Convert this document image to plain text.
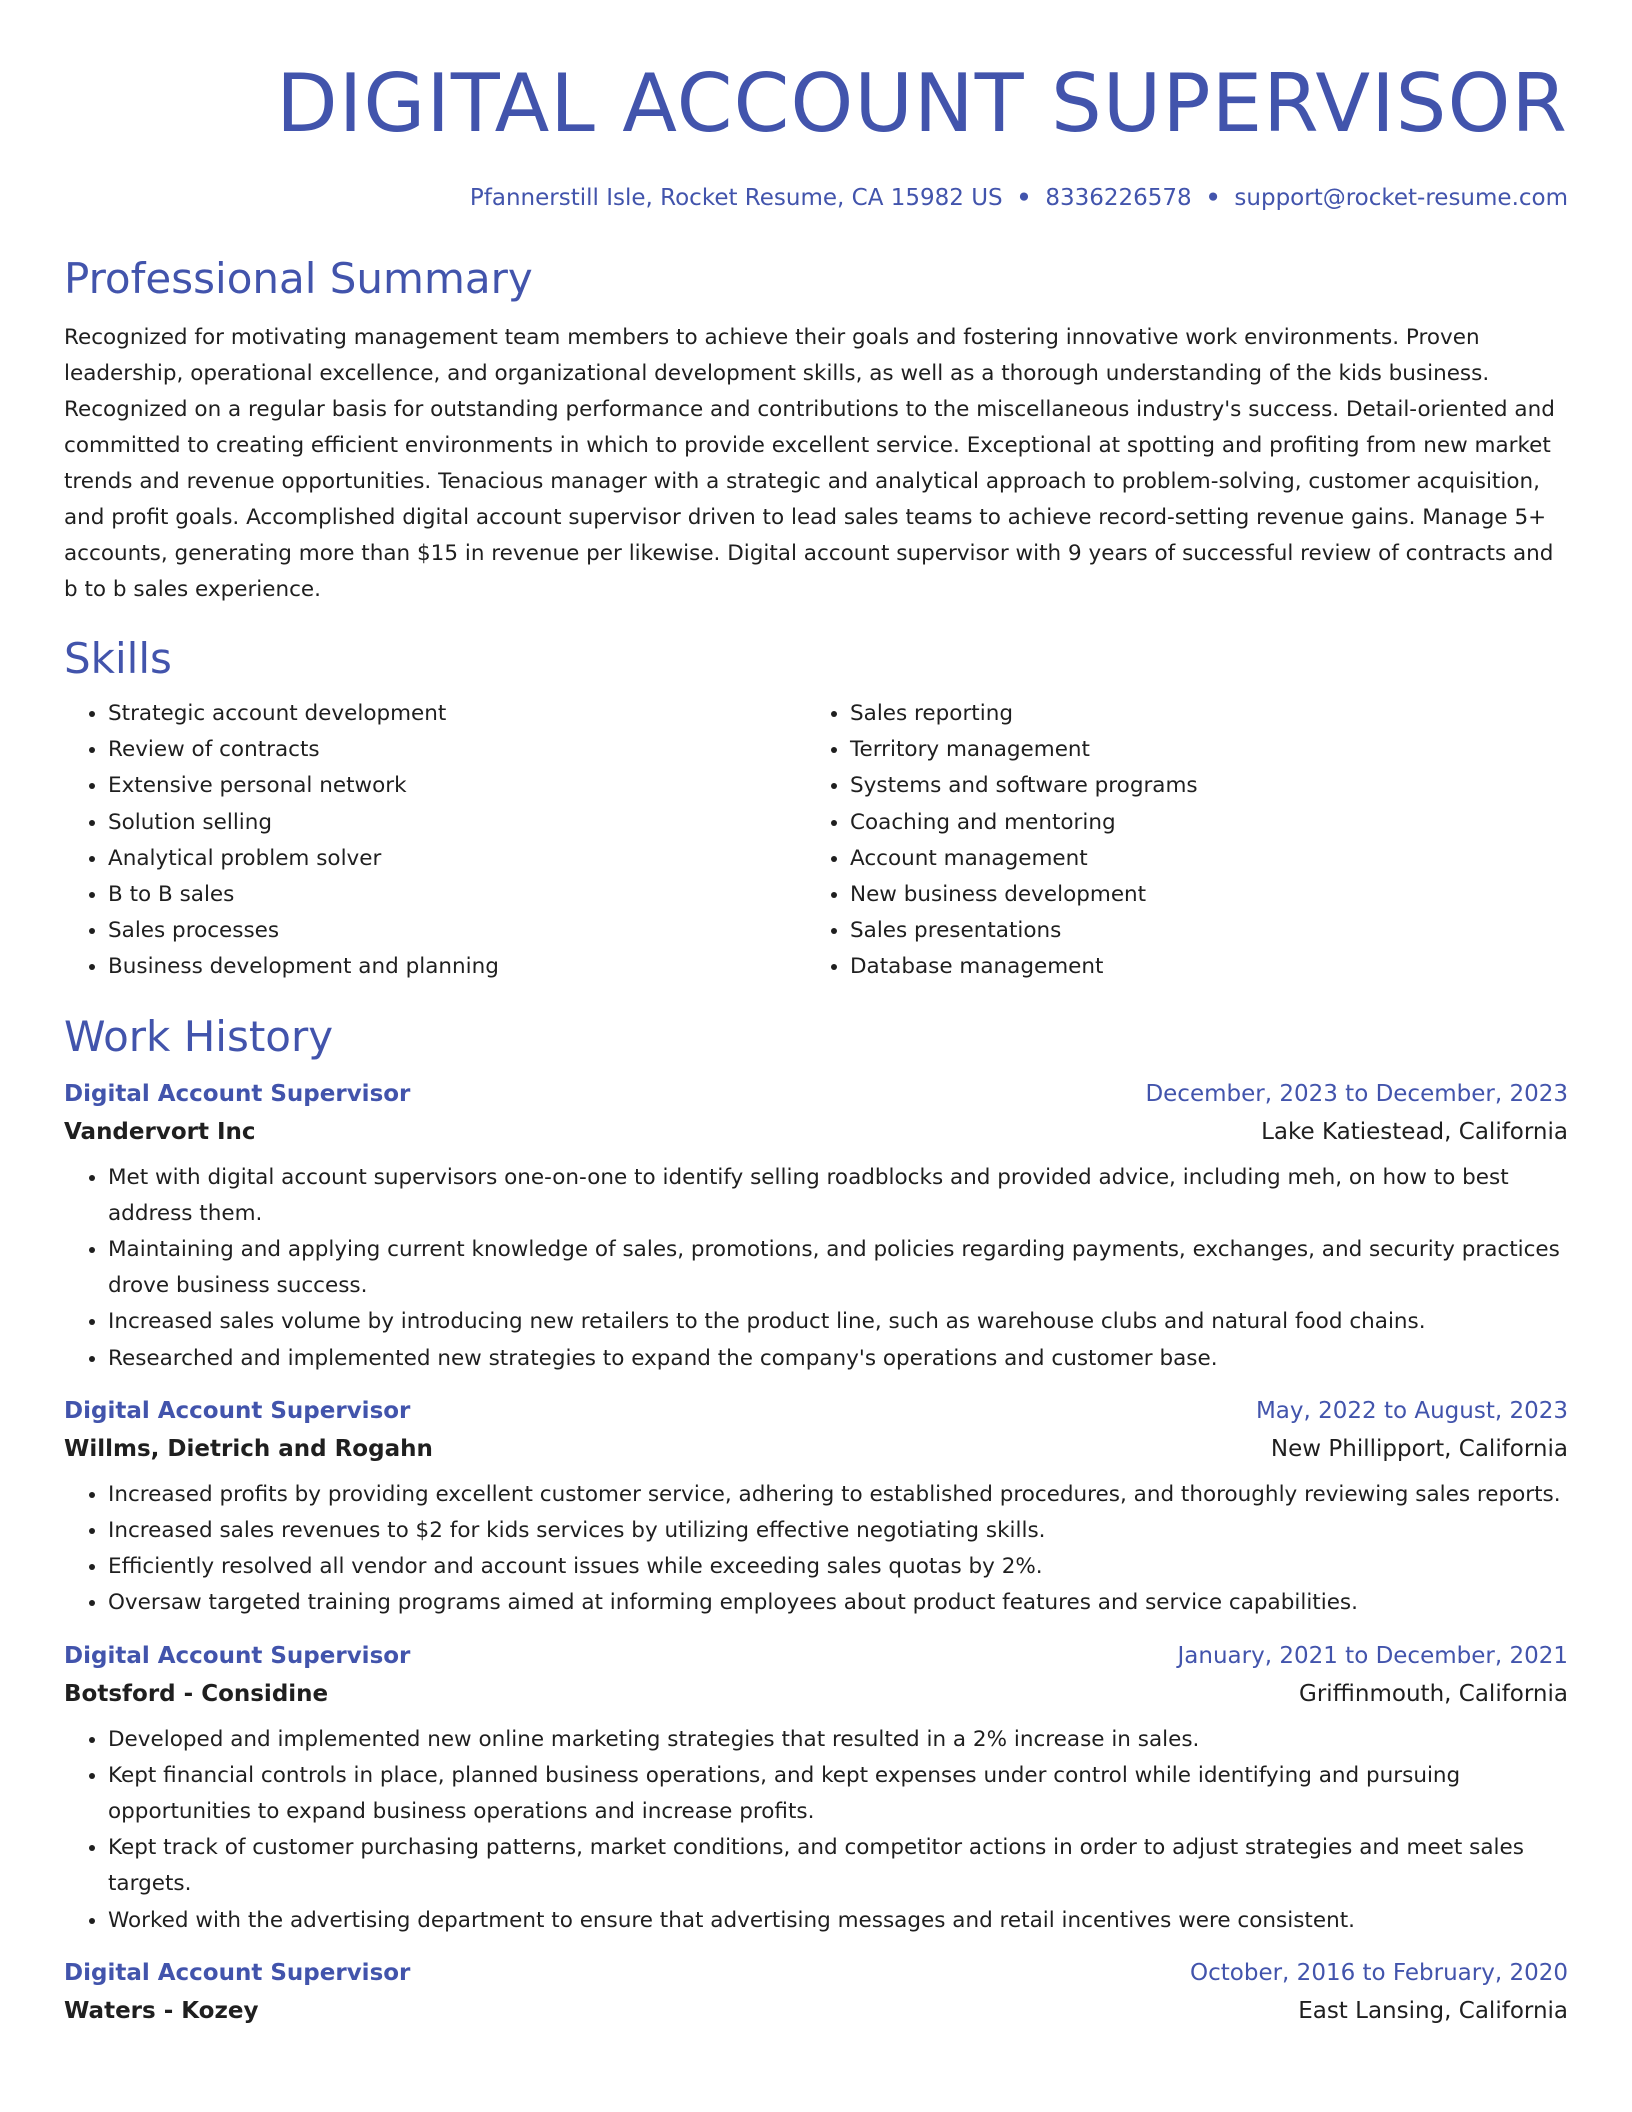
DIGITAL ACCOUNT SUPERVISOR
Pfannerstill Isle, Rocket Resume, CA 15982 US • 8336226578 • support@rocket-resume.com
Professional Summary
Recognized for motivating management team members to achieve their goals and fostering innovative work environments. Proven leadership, operational excellence, and organizational development skills, as well as a thorough understanding of the kids business. Recognized on a regular basis for outstanding performance and contributions to the miscellaneous industry's success. Detail-oriented and committed to creating efficient environments in which to provide excellent service. Exceptional at spotting and profiting from new market trends and revenue opportunities. Tenacious manager with a strategic and analytical approach to problem-solving, customer acquisition, and profit goals. Accomplished digital account supervisor driven to lead sales teams to achieve record-setting revenue gains. Manage 5+ accounts, generating more than $15 in revenue per likewise. Digital account supervisor with 9 years of successful review of contracts and b to b sales experience.
Skills
• Strategic account development
• Review of contracts
• Extensive personal network
• Solution selling
• Analytical problem solver
• B to B sales
• Sales processes
• Business development and planning
• Sales reporting
• Territory management
• Systems and software programs
• Coaching and mentoring
• Account management
• New business development
• Sales presentations
• Database management
Work History
Digital Account Supervisor	December, 2023 to December, 2023
Vandervort Inc	Lake Katiestead, California
• Met with digital account supervisors one-on-one to identify selling roadblocks and provided advice, including meh, on how to best address them.
• Maintaining and applying current knowledge of sales, promotions, and policies regarding payments, exchanges, and security practices drove business success.
• Increased sales volume by introducing new retailers to the product line, such as warehouse clubs and natural food chains.
• Researched and implemented new strategies to expand the company's operations and customer base.
Digital Account Supervisor	May, 2022 to August, 2023
Willms, Dietrich and Rogahn	New Phillipport, California
• Increased profits by providing excellent customer service, adhering to established procedures, and thoroughly reviewing sales reports.
• Increased sales revenues to $2 for kids services by utilizing effective negotiating skills.
• Efficiently resolved all vendor and account issues while exceeding sales quotas by 2%.
• Oversaw targeted training programs aimed at informing employees about product features and service capabilities.
Digital Account Supervisor	January, 2021 to December, 2021
Botsford - Considine	Griffinmouth, California
• Developed and implemented new online marketing strategies that resulted in a 2% increase in sales.
• Kept financial controls in place, planned business operations, and kept expenses under control while identifying and pursuing opportunities to expand business operations and increase profits.
• Kept track of customer purchasing patterns, market conditions, and competitor actions in order to adjust strategies and meet sales targets.
• Worked with the advertising department to ensure that advertising messages and retail incentives were consistent.
Digital Account Supervisor	October, 2016 to February, 2020
Waters - Kozey	East Lansing, California
